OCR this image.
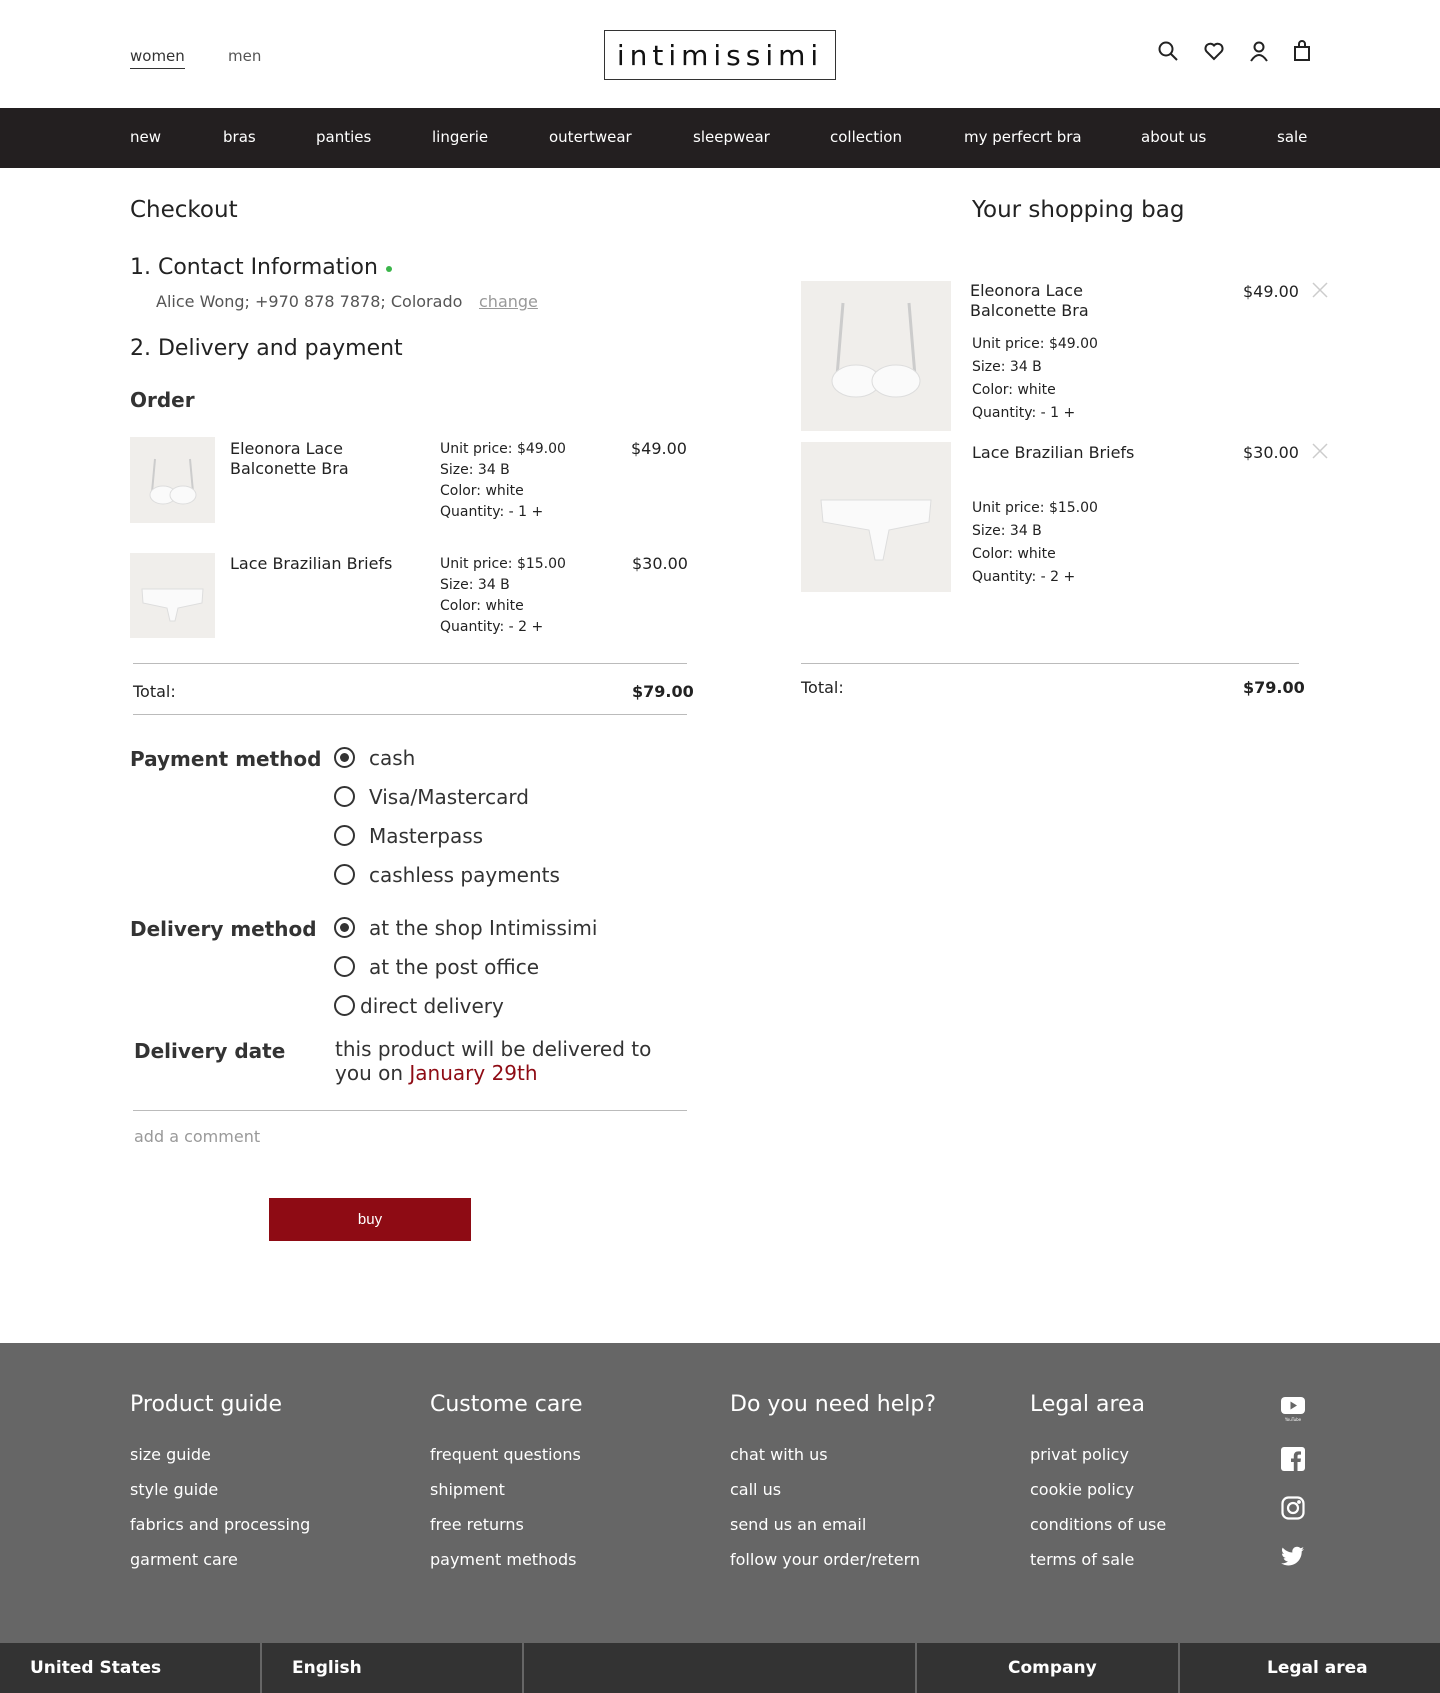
women	men	intimissimi
new	bras	panties	lingerie	outertwear	sleepwear	collection	my perfecrt bra	about us	sale
Checkout
1. Contact Information
Alice Wong; +970 878 7878; Colorado change
2. Delivery and payment
Order
Eleonora Lace Balconette Bra
Unit price: $49.00
Size: 34 B
Color: white
Quantity: - 1 +
$49.00
Lace Brazilian Briefs	Unit price: $15.00
Size: 34 B
Color: white
Quantity: - 2 +
$30.00
Total:	$79.00
Payment method cash
Visa/Mastercard
Masterpass
cashless payments
Delivery method	at the shop Intimissimi
at the post office
direct delivery
Delivery date this product will be delivered to you on January 29th
add a comment
buy
Your shopping bag
Eleonora Lace Balconette Bra
$49.00
Unit price: $49.00
Size: 34 B
Color: white
Quantity: - 1 +
Lace Brazilian Briefs	$30.00
Unit price: $15.00
Size: 34 B
Color: white
Quantity: - 2 +
Total:	$79.00
Product guide
size guide
style guide
fabrics and processing
garment care
Custome care
frequent questions
shipment
free returns
payment methods
Do you need help?
chat with us
call us
send us an email
follow your order/retern
Legal area
privat policy
cookie policy
conditions of use
terms of sale
YouTube
United States	English	Company	Legal area
